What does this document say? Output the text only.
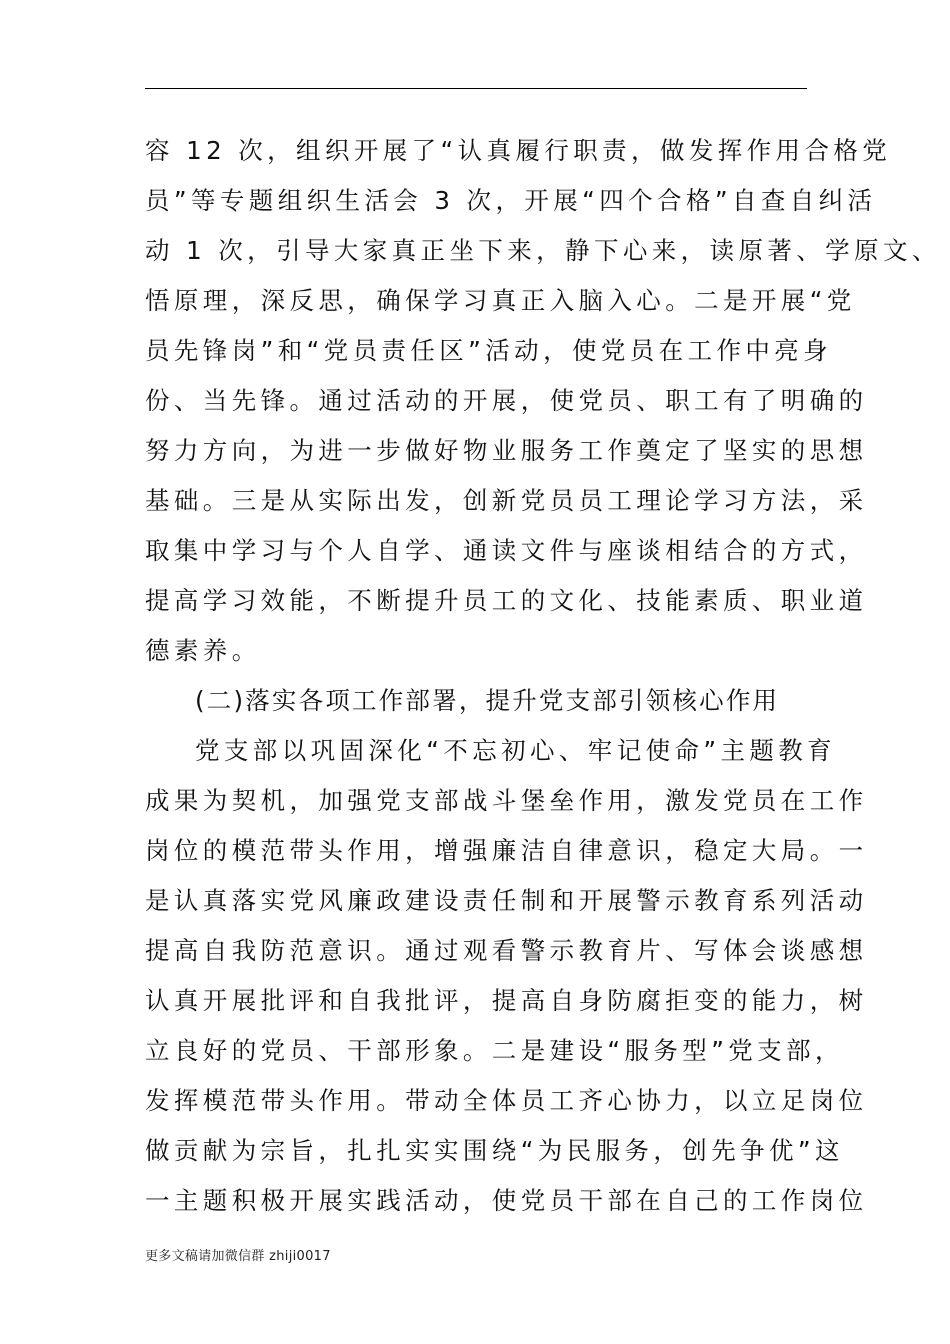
容 12 次，组织开展了“认真履行职责，做发挥作用合格党

员”等专题组织生活会 3 次，开展“四个合格”自查自纠活

动 1 次，引导大家真正坐下来，静下心来，读原著、学原文、

悟原理，深反思，确保学习真正入脑入心。二是开展“党

员先锋岗”和“党员责任区”活动，使党员在工作中亮身

份、当先锋。通过活动的开展，使党员、职工有了明确的

努力方向，为进一步做好物业服务工作奠定了坚实的思想

基础。三是从实际出发，创新党员员工理论学习方法，采

取集中学习与个人自学、通读文件与座谈相结合的方式，

提高学习效能，不断提升员工的文化、技能素质、职业道

德素养。

(二)落实各项工作部署，提升党支部引领核心作用

党支部以巩固深化“不忘初心、牢记使命”主题教育

成果为契机，加强党支部战斗堡垒作用，激发党员在工作

岗位的模范带头作用，增强廉洁自律意识，稳定大局。一

是认真落实党风廉政建设责任制和开展警示教育系列活动

提高自我防范意识。通过观看警示教育片、写体会谈感想

认真开展批评和自我批评，提高自身防腐拒变的能力，树

立良好的党员、干部形象。二是建设“服务型”党支部，

发挥模范带头作用。带动全体员工齐心协力，以立足岗位

做贡献为宗旨，扎扎实实围绕“为民服务，创先争优”这

一主题积极开展实践活动，使党员干部在自己的工作岗位

更多文稿请加微信群 zhiji0017
